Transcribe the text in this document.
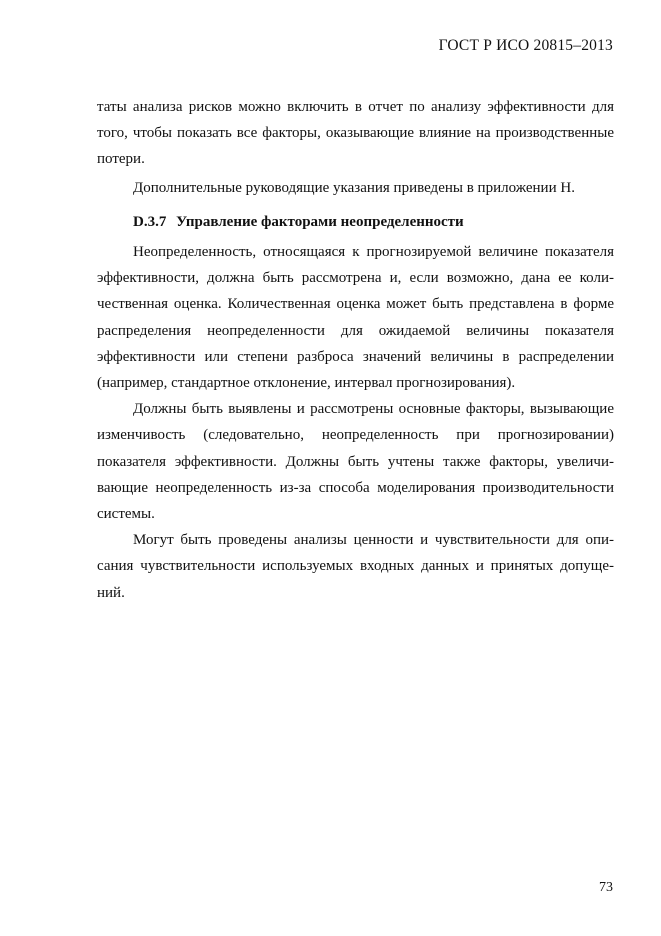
ГОСТ Р ИСО 20815–2013

таты анализа рисков можно включить в отчет по анализу эффективности для того, чтобы показать все факторы, оказывающие влияние на производственные потери.

Дополнительные руководящие указания приведены в приложении Н.

D.3.7 Управление факторами неопределенности

Неопределенность, относящаяся к прогнозируемой величине показателя эффективности, должна быть рассмотрена и, если возможно, дана ее количественная оценка. Количественная оценка может быть представлена в форме распределения неопределенности для ожидаемой величины показателя эффективности или степени разброса значений величины в распределении (например, стандартное отклонение, интервал прогнозирования).

Должны быть выявлены и рассмотрены основные факторы, вызывающие изменчивость (следовательно, неопределенность при прогнозировании) показателя эффективности. Должны быть учтены также факторы, увеличивающие неопределенность из-за способа моделирования производительности системы.

Могут быть проведены анализы ценности и чувствительности для описания чувствительности используемых входных данных и принятых допущений.

73
